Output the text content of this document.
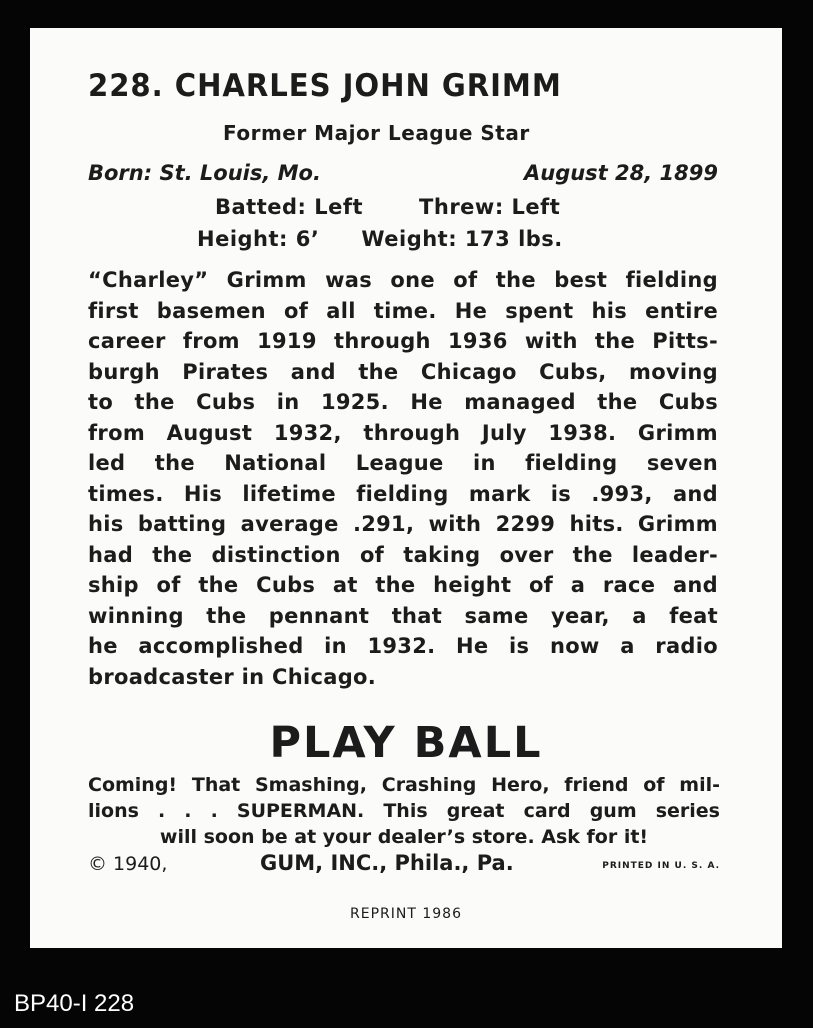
228. CHARLES JOHN GRIMM
Former Major League Star
Born: St. Louis, Mo.	August 28, 1899
Batted: Left	Threw: Left
Height: 6’ Weight: 173 lbs.
“Charley” Grimm was one of the best fielding
first basemen of all time. He spent his entire
career from 1919 through 1936 with the Pitts-
burgh Pirates and the Chicago Cubs, moving
to the Cubs in 1925. He managed the Cubs
from August 1932, through July 1938. Grimm
led the National League in fielding seven
times. His lifetime fielding mark is .993, and
his batting average .291, with 2299 hits. Grimm
had the distinction of taking over the leader-
ship of the Cubs at the height of a race and
winning the pennant that same year, a feat
he accomplished in 1932. He is now a radio
broadcaster in Chicago.
PLAY BALL
Coming! That Smashing, Crashing Hero, friend of mil-
lions . . . SUPERMAN. This great card gum series
will soon be at your dealer’s store. Ask for it!
© 1940,	GUM, INC., Phila., Pa.	PRINTED IN U. S. A.
REPRINT 1986
BP40-I 228
